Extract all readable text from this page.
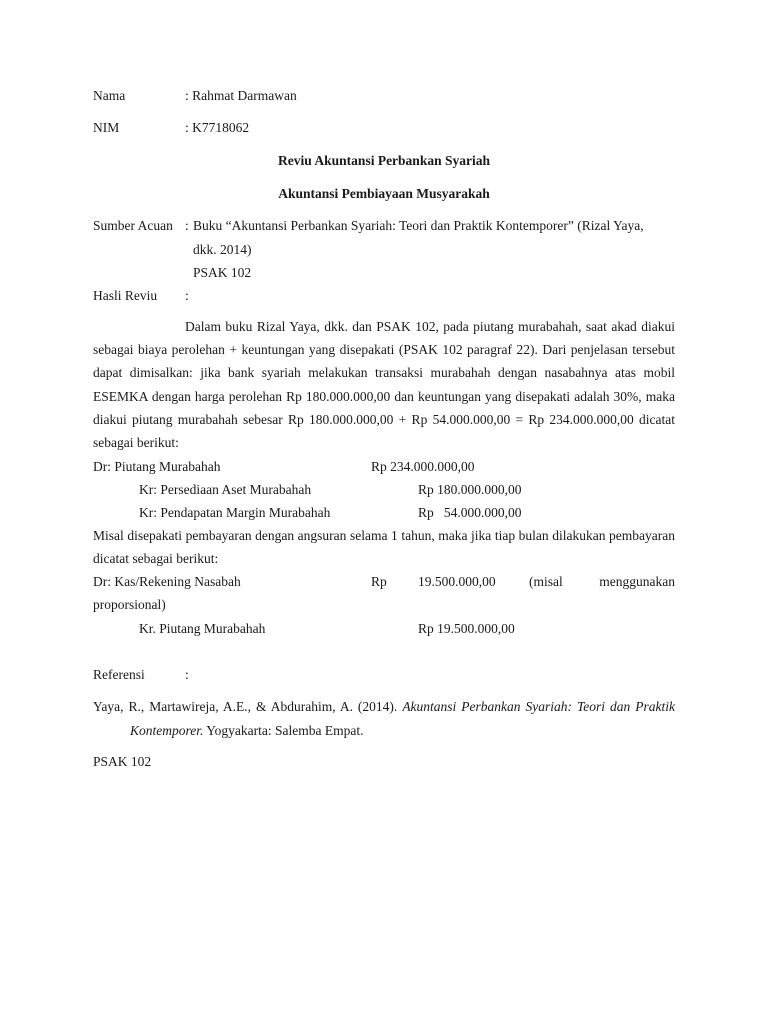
Nama	: Rahmat Darmawan
NIM	: K7718062
Reviu Akuntansi Perbankan Syariah
Akuntansi Pembiayaan Musyarakah
Sumber Acuan : Buku “Akuntansi Perbankan Syariah: Teori dan Praktik Kontemporer” (Rizal Yaya,
dkk. 2014)
PSAK 102
Hasli Reviu :

Dalam buku Rizal Yaya, dkk. dan PSAK 102, pada piutang murabahah, saat akad diakui sebagai biaya perolehan + keuntungan yang disepakati (PSAK 102 paragraf 22). Dari penjelasan tersebut dapat dimisalkan: jika bank syariah melakukan transaksi murabahah dengan nasabahnya atas mobil ESEMKA dengan harga perolehan Rp 180.000.000,00 dan keuntungan yang disepakati adalah 30%, maka diakui piutang murabahah sebesar Rp 180.000.000,00 + Rp 54.000.000,00 = Rp 234.000.000,00 dicatat sebagai berikut:

Dr: Piutang Murabahah	Rp 234.000.000,00
Kr: Persediaan Aset Murabahah	Rp 180.000.000,00
Kr: Pendapatan Margin Murabahah	Rp   54.000.000,00

Misal disepakati pembayaran dengan angsuran selama 1 tahun, maka jika tiap bulan dilakukan pembayaran dicatat sebagai berikut:

Dr: Kas/Rekening Nasabah	Rp 19.500.000,00 (misal	menggunakan
proporsional)
Kr. Piutang Murabahah	Rp 19.500.000,00
Referensi	:

Yaya, R., Martawireja, A.E., & Abdurahim, A. (2014). Akuntansi Perbankan Syariah: Teori dan Praktik Kontemporer. Yogyakarta: Salemba Empat.

PSAK 102
